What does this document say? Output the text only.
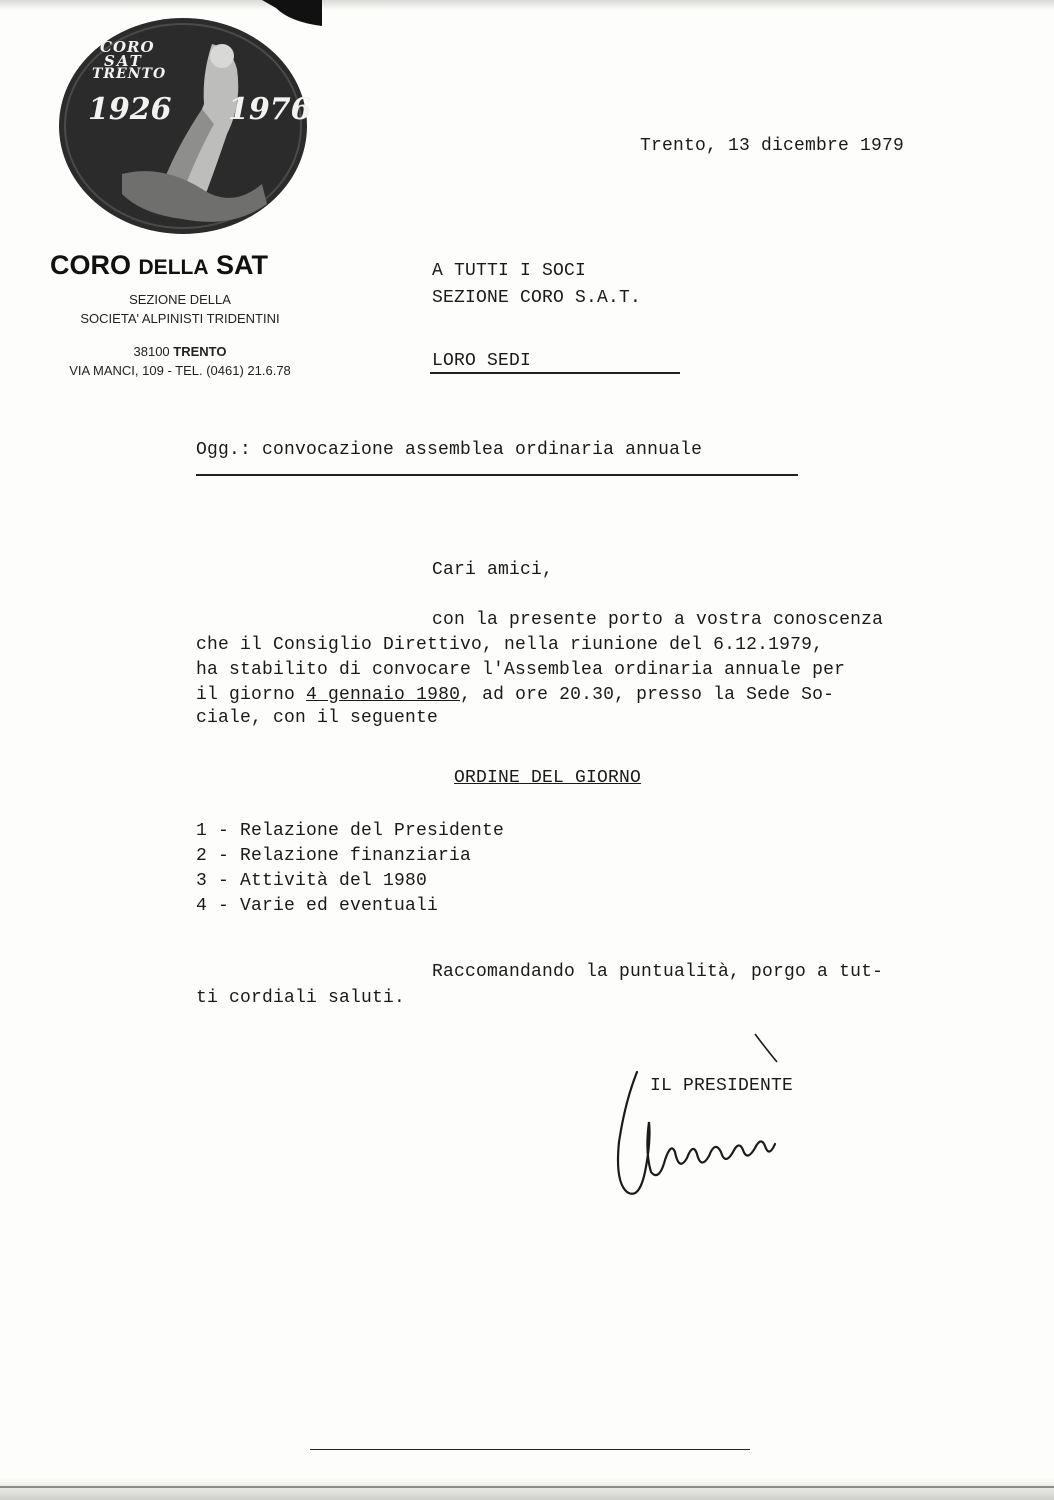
CORO
SAT
TRENTO
1926 1976
CORO DELLA SAT
SEZIONE DELLA
SOCIETA' ALPINISTI TRIDENTINI
38100 TRENTO
VIA MANCI, 109 - TEL. (0461) 21.6.78
Trento, 13 dicembre 1979
A TUTTI I SOCI
SEZIONE CORO S.A.T.
LORO SEDI
Ogg.: convocazione assemblea ordinaria annuale
Cari amici,
con la presente porto a vostra conoscenza
che il Consiglio Direttivo, nella riunione del 6.12.1979,
ha stabilito di convocare l'Assemblea ordinaria annuale per
il giorno 4 gennaio 1980, ad ore 20.30, presso la Sede So-
ciale, con il seguente
ORDINE DEL GIORNO
1 - Relazione del Presidente
2 - Relazione finanziaria
3 - Attività del 1980
4 - Varie ed eventuali
Raccomandando la puntualità, porgo a tut-
ti cordiali saluti.
IL PRESIDENTE
